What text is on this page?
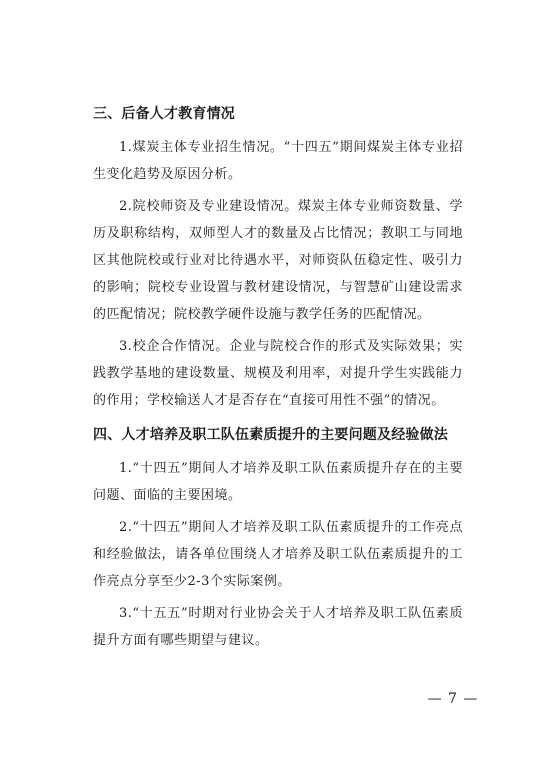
三、后备人才教育情况

1.煤炭主体专业招生情况。“十四五”期间煤炭主体专业招生变化趋势及原因分析。

2.院校师资及专业建设情况。煤炭主体专业师资数量、学历及职称结构，双师型人才的数量及占比情况；教职工与同地区其他院校或行业对比待遇水平，对师资队伍稳定性、吸引力的影响；院校专业设置与教材建设情况，与智慧矿山建设需求的匹配情况；院校教学硬件设施与教学任务的匹配情况。

3.校企合作情况。企业与院校合作的形式及实际效果；实践教学基地的建设数量、规模及利用率，对提升学生实践能力的作用；学校输送人才是否存在“直接可用性不强”的情况。

四、人才培养及职工队伍素质提升的主要问题及经验做法

1.“十四五”期间人才培养及职工队伍素质提升存在的主要问题、面临的主要困境。

2.“十四五”期间人才培养及职工队伍素质提升的工作亮点和经验做法，请各单位围绕人才培养及职工队伍素质提升的工作亮点分享至少2-3个实际案例。

3.“十五五”时期对行业协会关于人才培养及职工队伍素质提升方面有哪些期望与建议。

— 7 —
